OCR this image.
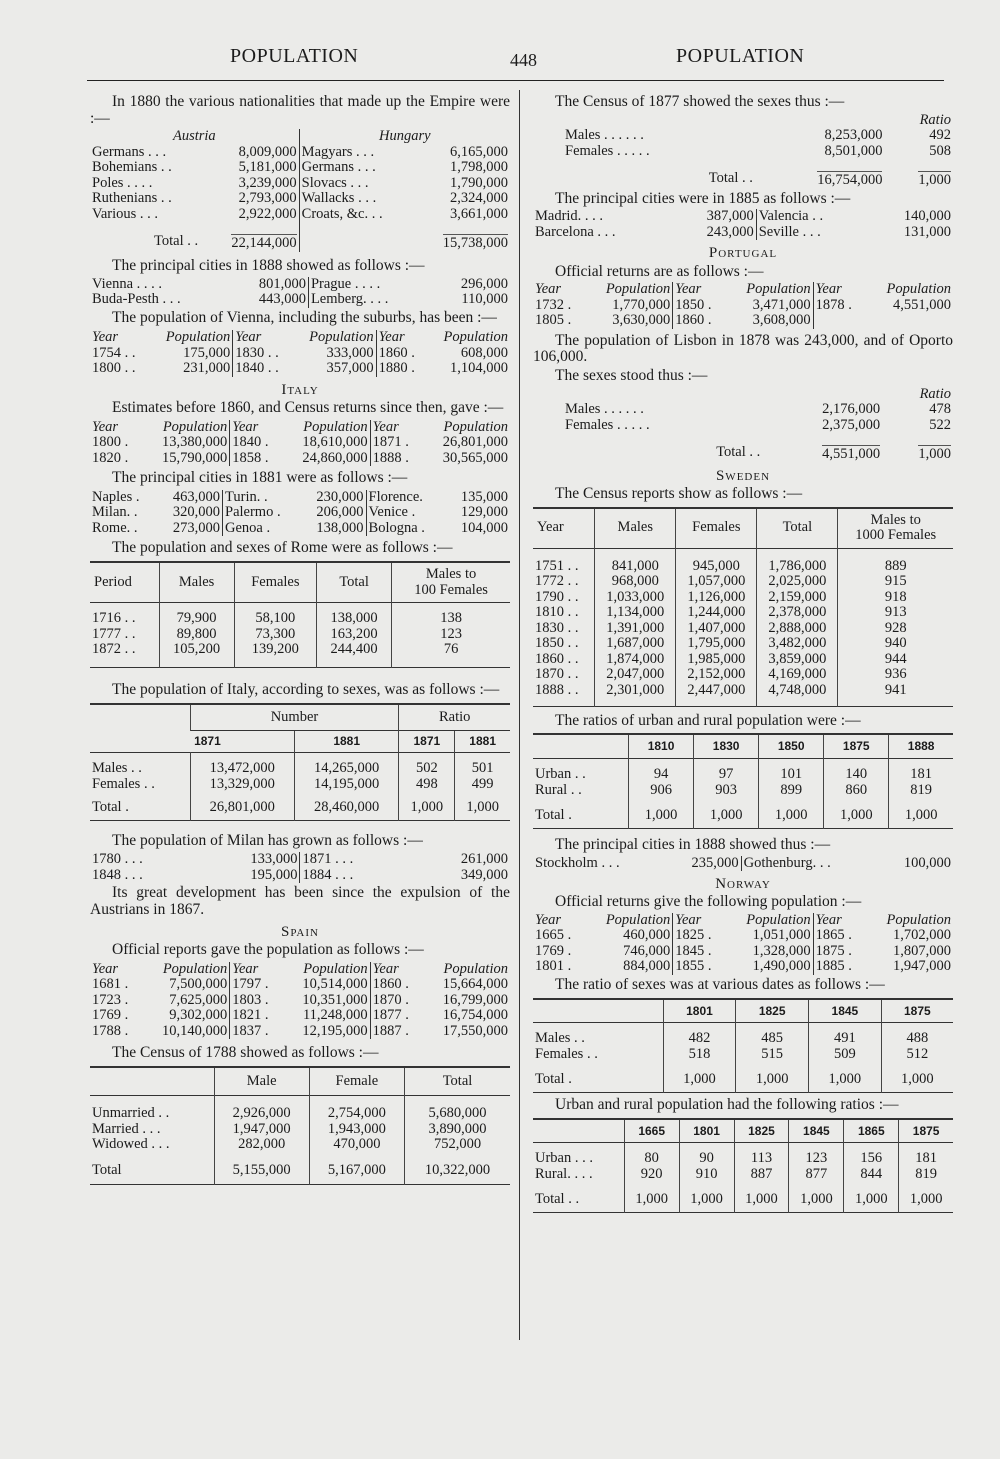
POPULATION	448	POPULATION

In 1880 the various nationalities that made up the Empire were :—

Austria		Hungary	
Germans . . .	8,009,000	Magyars . . .	6,165,000
Bohemians . .	5,181,000	Germans . . .	1,798,000
Poles . . . .	3,239,000	Slovacs . . .	1,790,000
Ruthenians . .	2,793,000	Wallacks . . .	2,324,000
Various . . .	2,922,000	Croats, &c. . .	3,661,000
Total . .	22,144,000		15,738,000

The principal cities in 1888 showed as follows :—

Vienna . . . .	801,000	Prague . . . .	296,000
Buda-Pesth . . .	443,000	Lemberg. . . .	110,000

The population of Vienna, including the suburbs, has been :—

Year	Population	Year	Population	Year	Population
1754 . .	175,000	1830 . .	333,000	1860 .	608,000
1800 . .	231,000	1840 . .	357,000	1880 .	1,104,000
Italy

Estimates before 1860, and Census returns since then, gave :—

Year	Population	Year	Population	Year	Population
1800 .	13,380,000	1840 .	18,610,000	1871 .	26,801,000
1820 .	15,790,000	1858 .	24,860,000	1888 .	30,565,000

The principal cities in 1881 were as follows :—

Naples .	463,000	Turin. .	230,000	Florence.	135,000
Milan. .	320,000	Palermo .	206,000	Venice .	129,000
Rome. .	273,000	Genoa .	138,000	Bologna .	104,000

The population and sexes of Rome were as follows :—

Period	Males	Females	Total	Males to
100 Females

1716 . .	79,900	58,100	138,000	138
1777 . .	89,800	73,300	163,200	123
1872 . .	105,200	139,200	244,400	76

The population of Italy, according to sexes, was as follows :—

	Number		Ratio	
	1871	1881	1871	1881
Males . .	13,472,000	14,265,000	502	501
Females . .	13,329,000	14,195,000	498	499
Total .	26,801,000	28,460,000	1,000	1,000

The population of Milan has grown as follows :—

1780 . . .	133,000	1871 . . .	261,000
1848 . . .	195,000	1884 . . .	349,000

Its great development has been since the expulsion of the Austrians in 1867.

Spain

Official reports gave the population as follows :—

Year	Population	Year	Population	Year	Population
1681 .	7,500,000	1797 .	10,514,000	1860 .	15,664,000
1723 .	7,625,000	1803 .	10,351,000	1870 .	16,799,000
1769 .	9,302,000	1821 .	11,248,000	1877 .	16,754,000
1788 .	10,140,000	1837 .	12,195,000	1887 .	17,550,000

The Census of 1788 showed as follows :—

	Male	Female	Total
Unmarried . .	2,926,000	2,754,000	5,680,000
Married . . .	1,947,000	1,943,000	3,890,000
Widowed . . .	282,000	470,000	752,000
Total	5,155,000	5,167,000	10,322,000

The Census of 1877 showed the sexes thus :—

		Ratio
Males . . . . . .	8,253,000	492
Females . . . . .	8,501,000	508
Total . .	16,754,000	1,000

The principal cities were in 1885 as follows :—

Madrid. . . .	387,000	Valencia . .	140,000
Barcelona . . .	243,000	Seville . . .	131,000
Portugal

Official returns are as follows :—

Year	Population	Year	Population	Year	Population
1732 .	1,770,000	1850 .	3,471,000	1878 .	4,551,000
1805 .	3,630,000	1860 .	3,608,000		

The population of Lisbon in 1878 was 243,000, and of Oporto 106,000.

The sexes stood thus :—

		Ratio
Males . . . . . .	2,176,000	478
Females . . . . .	2,375,000	522
Total . .	4,551,000	1,000
Sweden

The Census reports show as follows :—

Year	Males	Females	Total	Males to
1000 Females

1751 . .	841,000	945,000	1,786,000	889
1772 . .	968,000	1,057,000	2,025,000	915
1790 . .	1,033,000	1,126,000	2,159,000	918
1810 . .	1,134,000	1,244,000	2,378,000	913
1830 . .	1,391,000	1,407,000	2,888,000	928
1850 . .	1,687,000	1,795,000	3,482,000	940
1860 . .	1,874,000	1,985,000	3,859,000	944
1870 . .	2,047,000	2,152,000	4,169,000	936
1888 . .	2,301,000	2,447,000	4,748,000	941

The ratios of urban and rural population were :—

	1810	1830	1850	1875	1888
Urban . .	94	97	101	140	181
Rural . .	906	903	899	860	819
Total .	1,000	1,000	1,000	1,000	1,000

The principal cities in 1888 showed thus :—

Stockholm . . .	235,000	Gothenburg. . .	100,000
Norway

Official returns give the following population :—

Year	Population	Year	Population	Year	Population
1665 .	460,000	1825 .	1,051,000	1865 .	1,702,000
1769 .	746,000	1845 .	1,328,000	1875 .	1,807,000
1801 .	884,000	1855 .	1,490,000	1885 .	1,947,000

The ratio of sexes was at various dates as follows :—

	1801	1825	1845	1875
Males . .	482	485	491	488
Females . .	518	515	509	512
Total .	1,000	1,000	1,000	1,000

Urban and rural population had the following ratios :—

	1665	1801	1825	1845	1865	1875
Urban . . .	80	90	113	123	156	181
Rural. . . .	920	910	887	877	844	819
Total . .	1,000	1,000	1,000	1,000	1,000	1,000
